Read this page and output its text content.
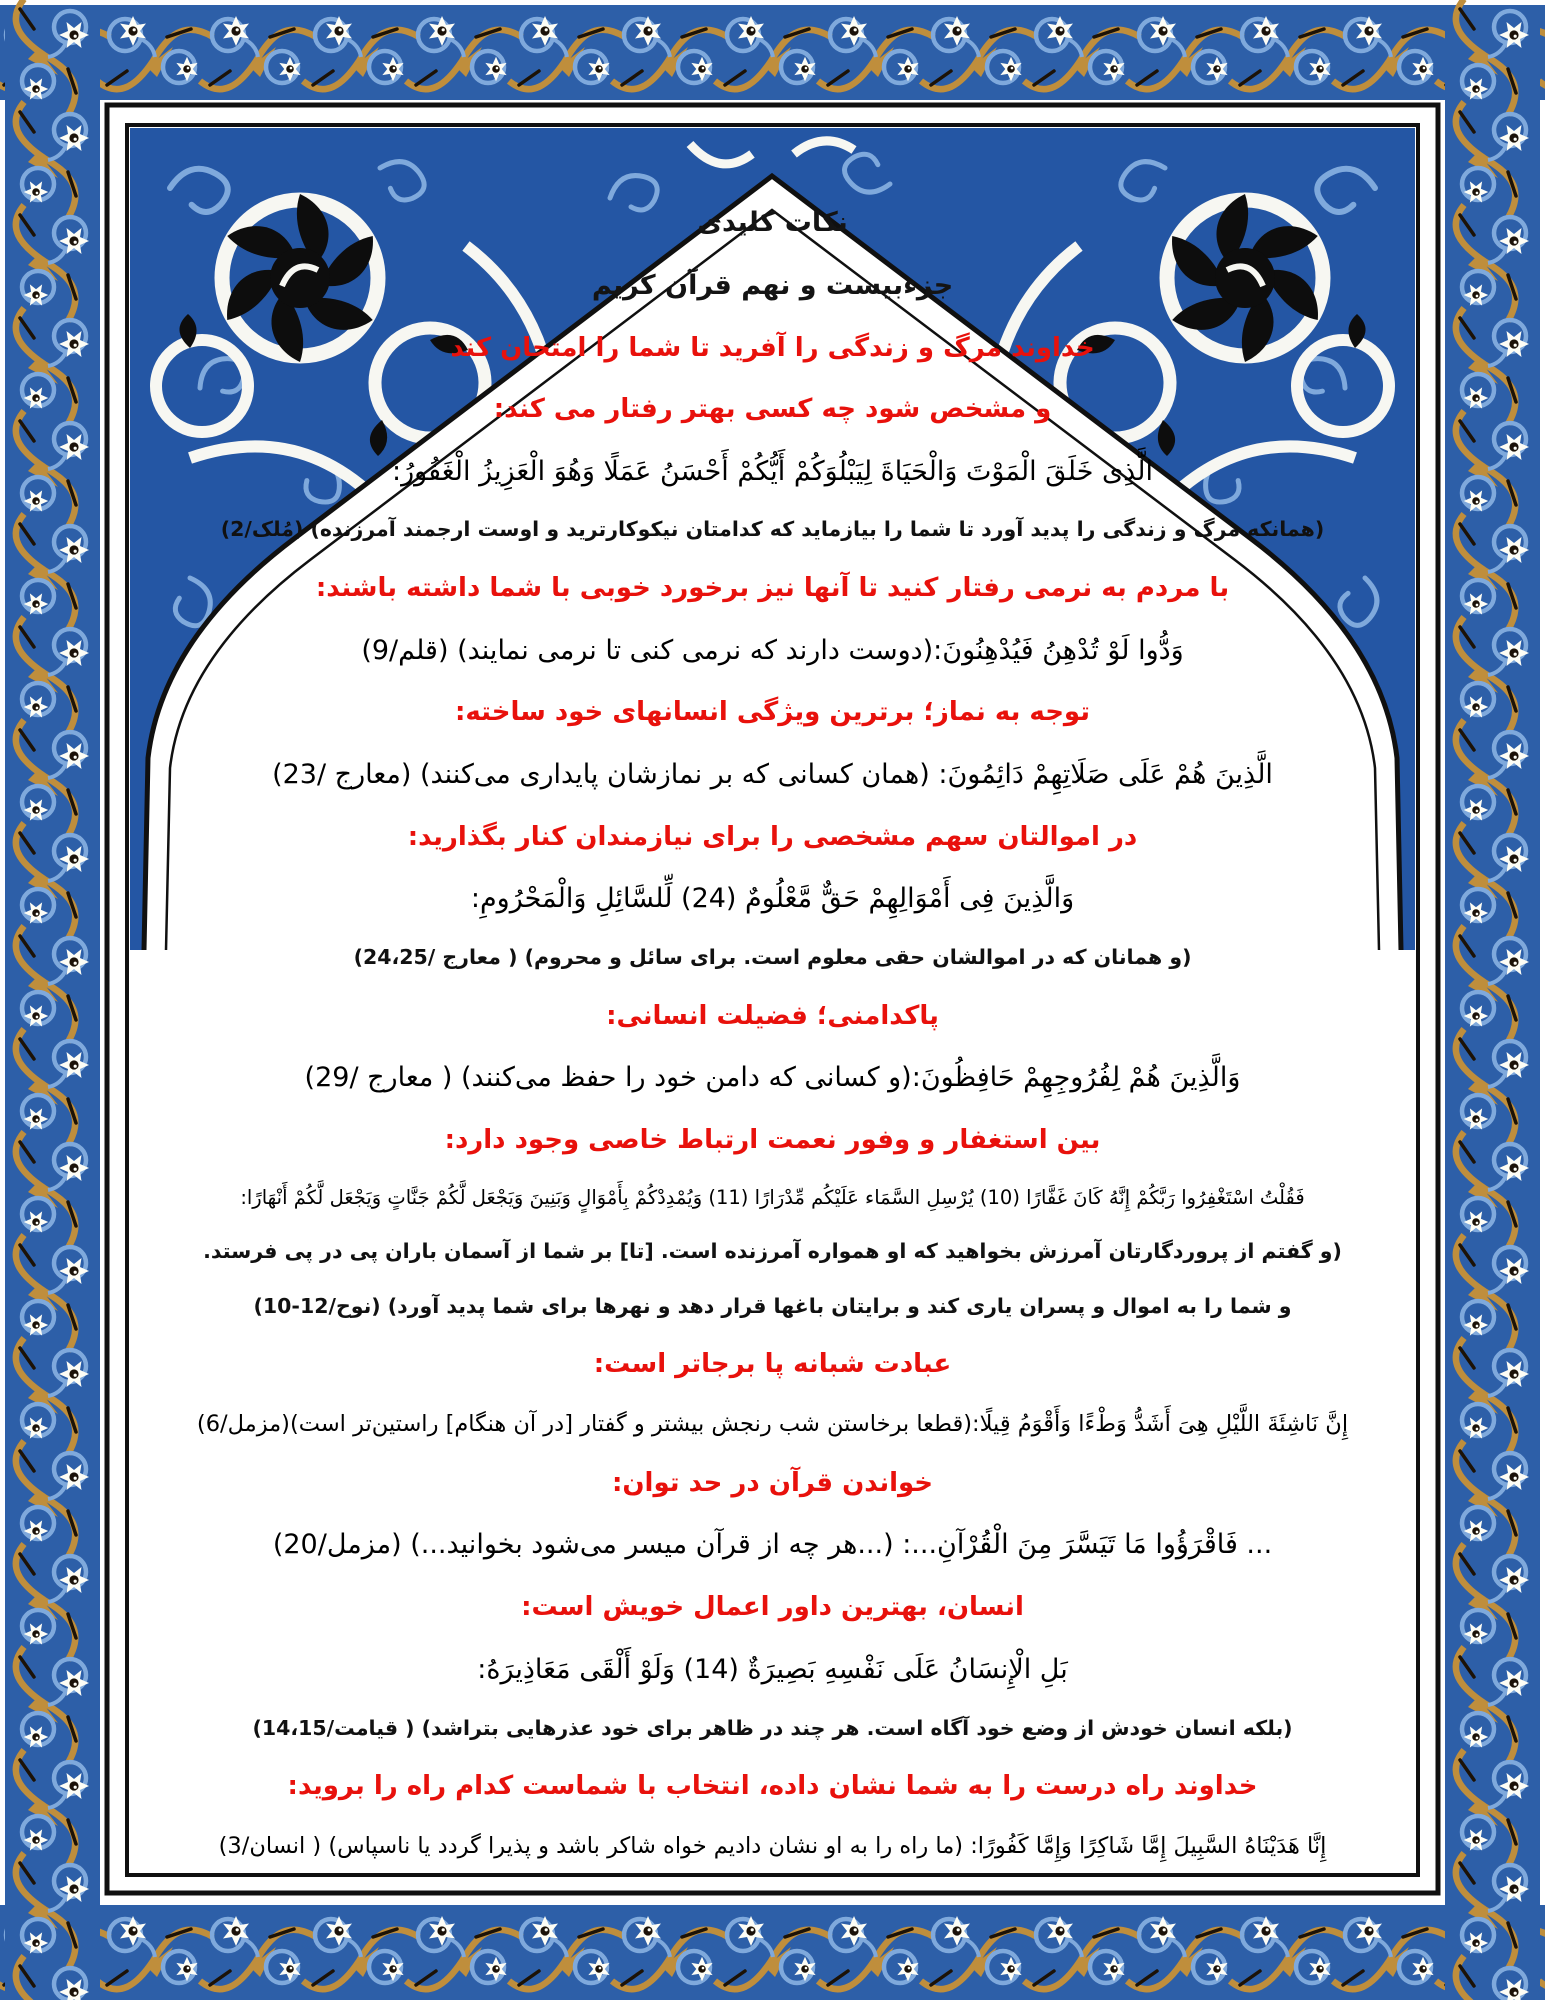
نکات کلیدی
جزءبیست و نهم قرآن کریم
خداوند مرگ و زندگی را آفرید تا شما را امتحان کند
و مشخص شود چه کسی بهتر رفتار می کند:
الَّذِی خَلَقَ الْمَوْتَ وَالْحَیَاةَ لِیَبْلُوَکُمْ أَیُّکُمْ أَحْسَنُ عَمَلًا وَهُوَ الْعَزِیزُ الْغَفُورُ:
(همانکه مرگ و زندگی را پدید آورد تا شما را بیازماید که کدامتان نیکوکارترید و اوست ارجمند آمرزنده) (مُلک/2)
با مردم به نرمی رفتار کنید تا آنها نیز برخورد خوبی با شما داشته باشند:
وَدُّوا لَوْ تُدْهِنُ فَیُدْهِنُونَ:(دوست دارند که نرمی کنی تا نرمی نمایند) (قلم/9)
توجه به نماز؛ برترین ویژگی انسانهای خود ساخته:
الَّذِینَ هُمْ عَلَى صَلَاتِهِمْ دَائِمُونَ: (همان کسانی که بر نمازشان پایداری می‌کنند) (معارج /23)
در اموالتان سهم مشخصی را برای نیازمندان کنار بگذارید:
وَالَّذِینَ فِی أَمْوَالِهِمْ حَقٌّ مَّعْلُومٌ (24) لِّلسَّائِلِ وَالْمَحْرُومِ:
(و همانان که در اموالشان حقی معلوم است. برای سائل و محروم) ( معارج /24،25)
پاکدامنی؛ فضیلت انسانی:
وَالَّذِینَ هُمْ لِفُرُوجِهِمْ حَافِظُونَ:(و کسانی که دامن خود را حفظ می‌کنند) ( معارج /29)
بین استغفار و وفور نعمت ارتباط خاصی وجود دارد:
فَقُلْتُ اسْتَغْفِرُوا رَبَّکُمْ إِنَّهُ کَانَ غَفَّارًا (10) یُرْسِلِ السَّمَاء عَلَیْکُم مِّدْرَارًا (11) وَیُمْدِدْکُمْ بِأَمْوَالٍ وَبَنِینَ وَیَجْعَل لَّکُمْ جَنَّاتٍ وَیَجْعَل لَّکُمْ أَنْهَارًا:
(و گفتم از پروردگارتان آمرزش بخواهید که او همواره آمرزنده است. [تا] بر شما از آسمان باران پی در پی فرستد.
و شما را به اموال و پسران یاری کند و برایتان باغها قرار دهد و نهرها برای شما پدید آورد) (نوح/12-10)
عبادت شبانه پا برجاتر است:
إِنَّ نَاشِئَةَ اللَّیْلِ هِیَ أَشَدُّ وَطْءًا وَأَقْوَمُ قِیلًا:(قطعا برخاستن شب رنجش بیشتر و گفتار [در آن هنگام] راستین‌تر است)(مزمل/6)
خواندن قرآن در حد توان:
... فَاقْرَؤُوا مَا تَیَسَّرَ مِنَ الْقُرْآنِ...: (...هر چه از قرآن میسر می‌شود بخوانید...) (مزمل/20)
انسان، بهترین داور اعمال خویش است:
بَلِ الْإِنسَانُ عَلَى نَفْسِهِ بَصِیرَةٌ (14) وَلَوْ أَلْقَى مَعَاذِیرَهُ:
(بلکه انسان خودش از وضع خود آگاه است. هر چند در ظاهر برای خود عذرهایی بتراشد) ( قیامت/14،15)
خداوند راه درست را به شما نشان داده، انتخاب با شماست کدام راه را بروید:
إِنَّا هَدَیْنَاهُ السَّبِیلَ إِمَّا شَاکِرًا وَإِمَّا کَفُورًا: (ما راه را به او نشان دادیم خواه شاکر باشد و پذیرا گردد یا ناسپاس) ( انسان/3)
